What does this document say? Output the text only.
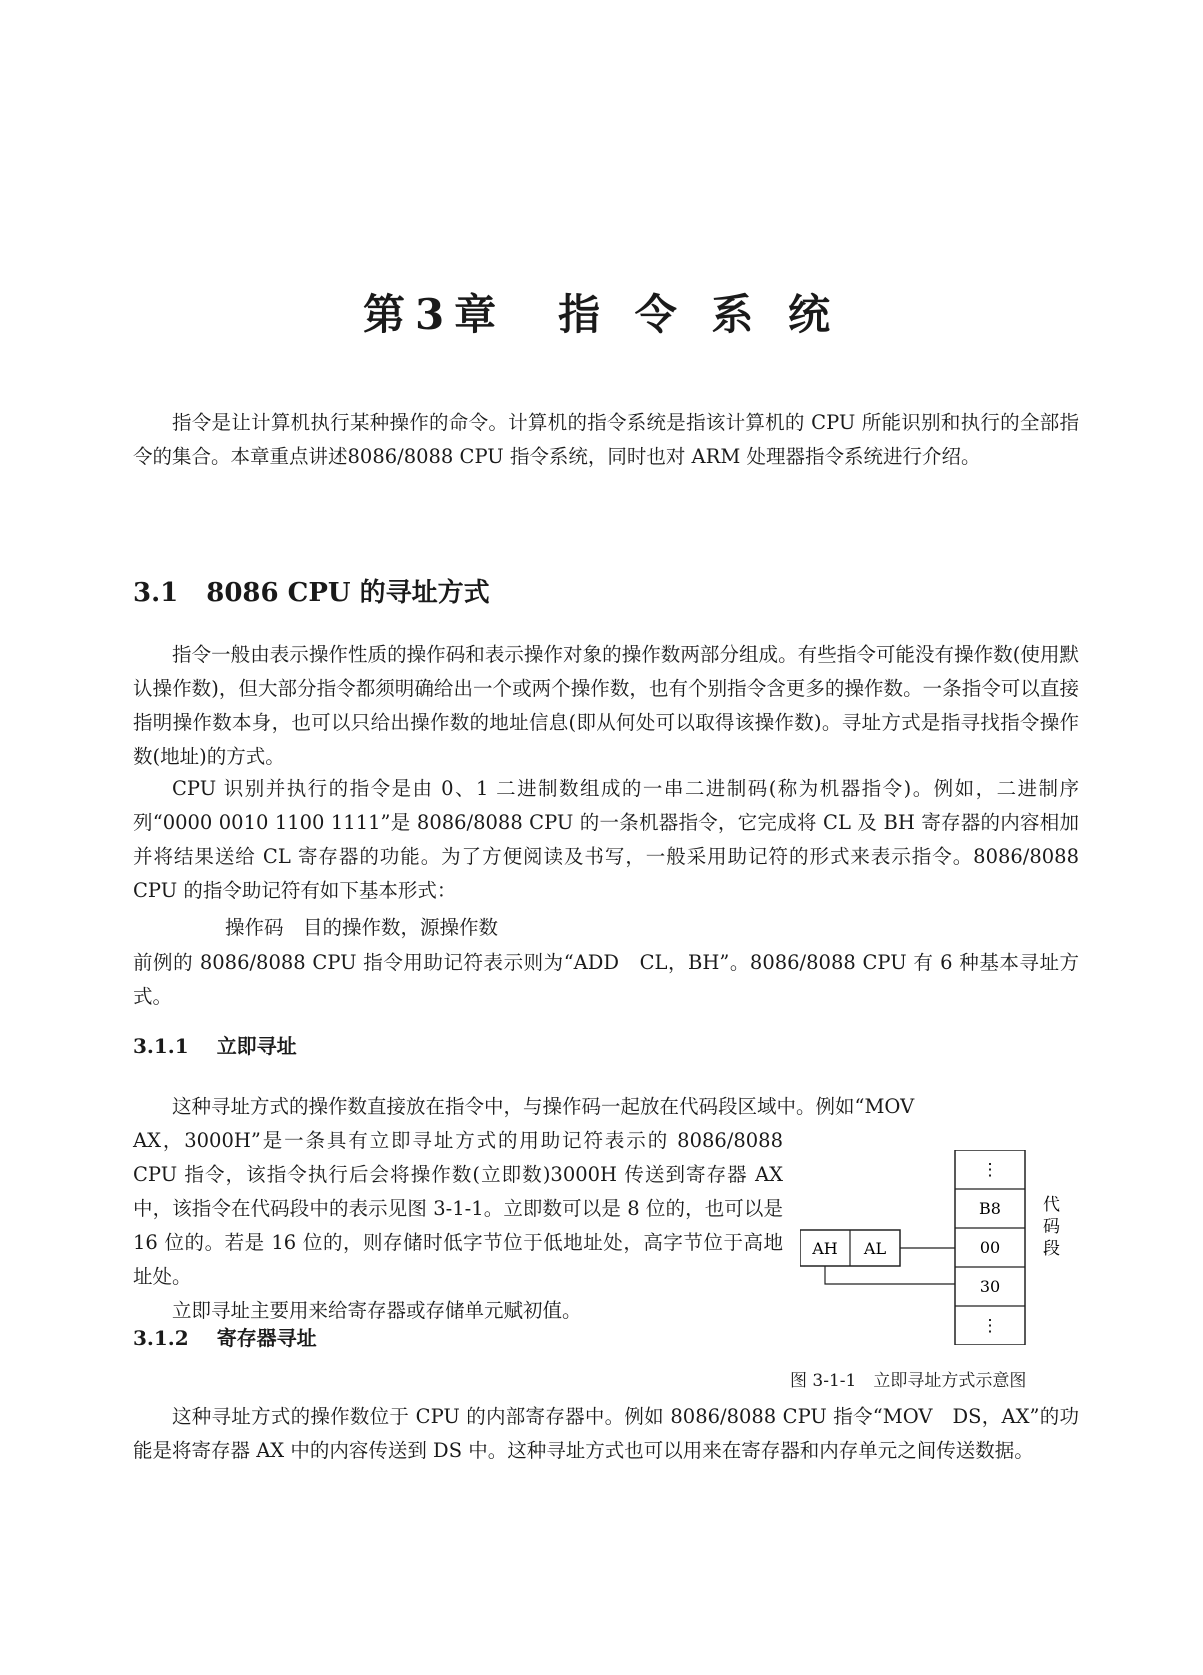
第3章　指 令 系 统

指令是让计算机执行某种操作的命令。计算机的指令系统是指该计算机的 CPU 所能识别和执行的全部指令的集合。本章重点讲述8086/8088 CPU 指令系统，同时也对 ARM 处理器指令系统进行介绍。

3.1 8086 CPU 的寻址方式

指令一般由表示操作性质的操作码和表示操作对象的操作数两部分组成。有些指令可能没有操作数(使用默认操作数)，但大部分指令都须明确给出一个或两个操作数，也有个别指令含更多的操作数。一条指令可以直接指明操作数本身，也可以只给出操作数的地址信息(即从何处可以取得该操作数)。寻址方式是指寻找指令操作数(地址)的方式。

CPU 识别并执行的指令是由 0、1 二进制数组成的一串二进制码(称为机器指令)。例如，二进制序列“0000 0010 1100 1111”是 8086/8088 CPU 的一条机器指令，它完成将 CL 及 BH 寄存器的内容相加并将结果送给 CL 寄存器的功能。为了方便阅读及书写，一般采用助记符的形式来表示指令。8086/8088 CPU 的指令助记符有如下基本形式：

操作码　目的操作数，源操作数

前例的 8086/8088 CPU 指令用助记符表示则为“ADD　CL，BH”。8086/8088 CPU 有 6 种基本寻址方式。

3.1.1 立即寻址

这种寻址方式的操作数直接放在指令中，与操作码一起放在代码段区域中。例如“MOV

AX，3000H”是一条具有立即寻址方式的用助记符表示的 8086/8088 CPU 指令，该指令执行后会将操作数(立即数)3000H 传送到寄存器 AX 中，该指令在代码段中的表示见图 3-1-1。立即数可以是 8 位的，也可以是 16 位的。若是 16 位的，则存储时低字节位于低地址处，高字节位于高地址处。

立即寻址主要用来给寄存器或存储单元赋初值。

⋮
B8
00
30
⋮
代
码
段
AH AL

图 3-1-1　立即寻址方式示意图

3.1.2 寄存器寻址

这种寻址方式的操作数位于 CPU 的内部寄存器中。例如 8086/8088 CPU 指令“MOV　DS，AX”的功能是将寄存器 AX 中的内容传送到 DS 中。这种寻址方式也可以用来在寄存器和内存单元之间传送数据。
